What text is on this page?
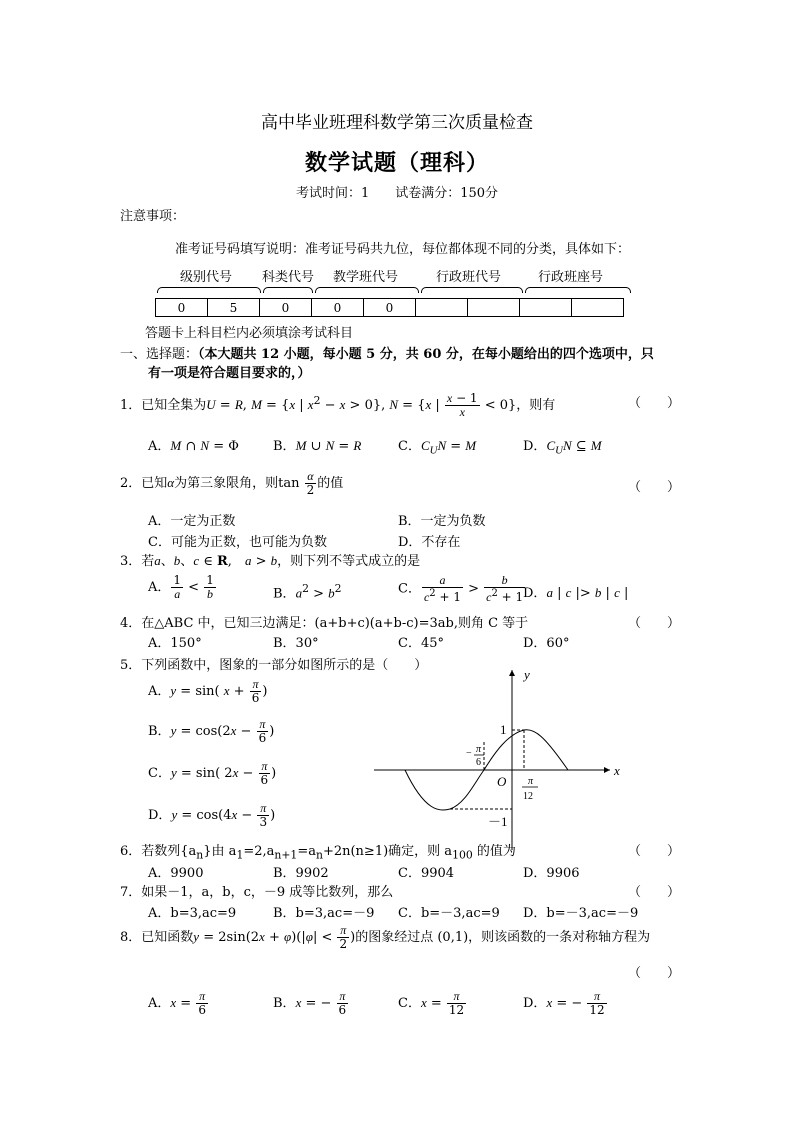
高中毕业班理科数学第三次质量检查
数学试题（理科）
考试时间：1　　试卷满分：150分
注意事项：
准考证号码填写说明：准考证号码共九位，每位都体现不同的分类，具体如下：
级别代号 科类代号 教学班代号	行政班代号	行政班座号
0	5	0	0	0				
答题卡上科目栏内必须填涂考试科目
一、选择题：（本大题共 12 小题，每小题 5 分，共 60 分，在每小题给出的四个选项中，只
有一项是符合题目要求的，）
1．已知全集为U = R, M = {x | $x^2 - x > 0$}, N = {x | $\frac{x - 1}{x} < 0$}，则有	（　　）
A．M ∩ N = Φ	B．M ∪ N = R	C．$C_UN = M$	D．$C_UN$ ⊆ M
2．已知α为第三象限角，则$\tan \frac{\alpha}{2}$ 的值	（　　）
A．一定为正数	B．一定为负数
C．可能为正数，也可能为负数	D．不存在
3．若a、b、c ∈ R,　a > b，则下列不等式成立的是
A． $\frac{1}{a} < \frac{1}{b}$	B．$a^2 > b^2$	C． $\frac{a}{c^2 + 1} > \frac{b}{c^2 + 1}$
D．a | c |> b | c |
4．在△ABC 中，已知三边满足：(a+b+c)(a+b-c)=3ab,则角 C 等于	（　　）
A．150°	B．30°	C．45°	D．60°
5．下列函数中，图象的一部分如图所示的是（　　）
A．y = sin( $x + \frac{\pi}{6}$ )
B．$y = \cos(2x - \frac{\pi}{6}$ )
C．y = sin( $2x - \frac{\pi}{6}$ )
D．$y = \cos(4x - \frac{\pi}{3}$ )
x
y
O
1
－1
− π
6
π
12
6．若数列$\{a_n\}$由 $a_1=2,a_{n+1}=a_n+2n(n\ge 1)$确定，则 $a_{100}$ 的值为	（　　）
A．9900	B．9902	C．9904	D．9906
7．如果－1，a，b，c，－9 成等比数列，那么	（　　）
A．b=3,ac=9	B．b=3,ac=－9 C．b=－3,ac=9 D．b=－3,ac=－9
8．已知函数$y = 2\sin(2x + \varphi)(|\varphi| < \frac{\pi}{2}$ )的图象经过点 (0,1)，则该函数的一条对称轴方程为
（　　）
A．$x = \frac{\pi}{6}$	B．x = − $\frac{\pi}{6}$	C．$x = \frac{\pi}{12}$	D．x = − $\frac{\pi}{12}$
